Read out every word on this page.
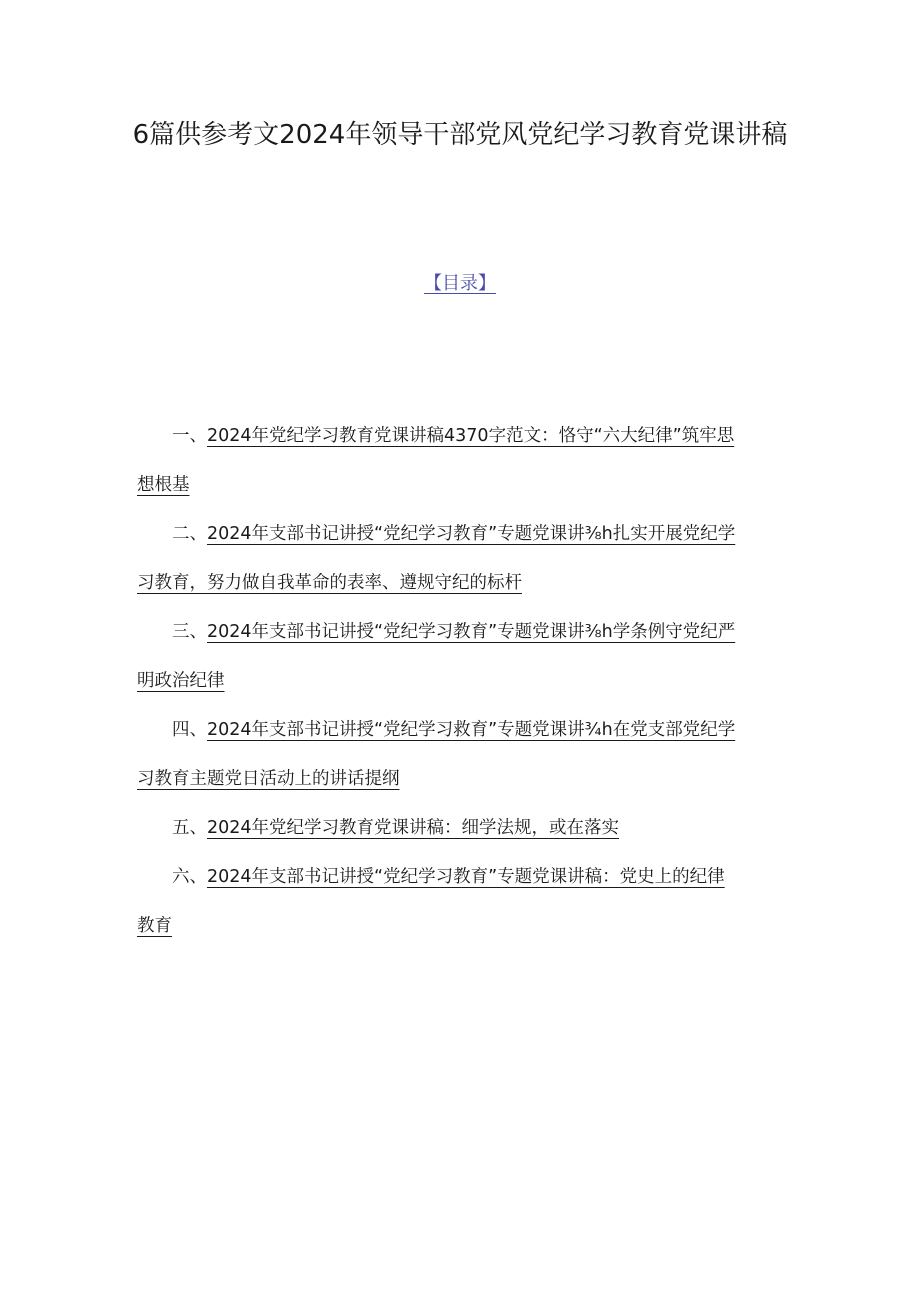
6篇供参考文2024年领导干部党风党纪学习教育党课讲稿
【目录】
一、2024年党纪学习教育党课讲稿4370字范文：恪守“六大纪律”筑牢思想根基
二、2024年支部书记讲授“党纪学习教育”专题党课讲⅜h扎实开展党纪学习教育，努力做自我革命的表率、遵规守纪的标杆
三、2024年支部书记讲授“党纪学习教育”专题党课讲⅜h学条例守党纪严明政治纪律
四、2024年支部书记讲授“党纪学习救育”专题党课讲¾h在党支部党纪学习教育主题党日活动上的讲话提纲
五、2024年党纪学习教育党课讲稿：细学法规，或在落实
六、2024年支部书记讲授“党纪学习教育”专题党课讲稿：党史上的纪律教育
